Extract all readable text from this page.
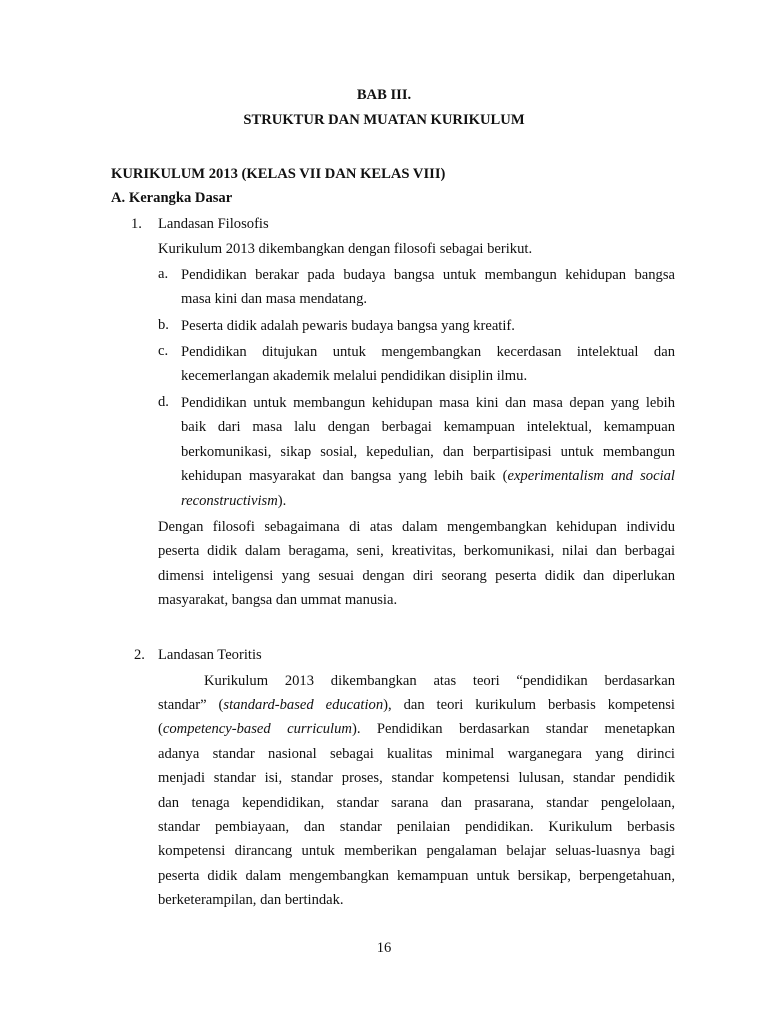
BAB III.
STRUKTUR DAN MUATAN KURIKULUM
KURIKULUM 2013 (KELAS VII DAN KELAS VIII)
A. Kerangka Dasar
1. Landasan Filosofis
Kurikulum 2013 dikembangkan dengan filosofi sebagai berikut.
a. Pendidikan berakar pada budaya bangsa untuk membangun kehidupan bangsa
masa kini dan masa mendatang.
b. Peserta didik adalah pewaris budaya bangsa yang kreatif.
c. Pendidikan ditujukan untuk mengembangkan kecerdasan intelektual dan
kecemerlangan akademik melalui pendidikan disiplin ilmu.
d. Pendidikan untuk membangun kehidupan masa kini dan masa depan yang lebih
baik dari masa lalu dengan berbagai kemampuan intelektual, kemampuan
berkomunikasi, sikap sosial, kepedulian, dan berpartisipasi untuk membangun
kehidupan masyarakat dan bangsa yang lebih baik (experimentalism and social
reconstructivism).
Dengan filosofi sebagaimana di atas dalam mengembangkan kehidupan individu
peserta didik dalam beragama, seni, kreativitas, berkomunikasi, nilai dan berbagai
dimensi inteligensi yang sesuai dengan diri seorang peserta didik dan diperlukan
masyarakat, bangsa dan ummat manusia.
2. Landasan Teoritis
Kurikulum 2013 dikembangkan atas teori “pendidikan berdasarkan
standar” (standard-based education), dan teori kurikulum berbasis kompetensi
(competency-based curriculum). Pendidikan berdasarkan standar menetapkan
adanya standar nasional sebagai kualitas minimal warganegara yang dirinci
menjadi standar isi, standar proses, standar kompetensi lulusan, standar pendidik
dan tenaga kependidikan, standar sarana dan prasarana, standar pengelolaan,
standar pembiayaan, dan standar penilaian pendidikan. Kurikulum berbasis
kompetensi dirancang untuk memberikan pengalaman belajar seluas-luasnya bagi
peserta didik dalam mengembangkan kemampuan untuk bersikap, berpengetahuan,
berketerampilan, dan bertindak.
16
